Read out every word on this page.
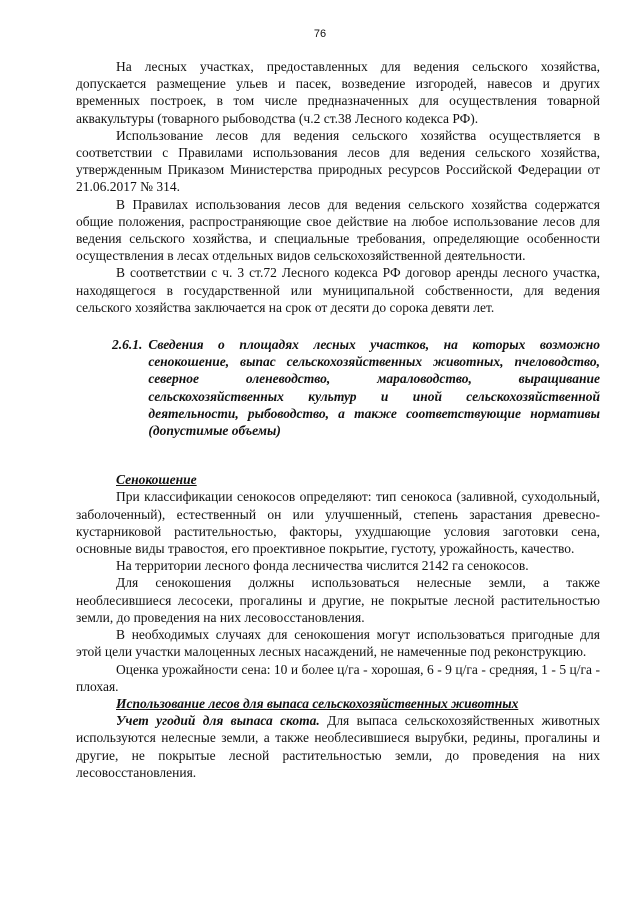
76

На лесных участках, предоставленных для ведения сельского хозяйства, допускается размещение ульев и пасек, возведение изгородей, навесов и других временных построек, в том числе предназначенных для осуществления товарной аквакультуры (товарного рыбоводства (ч.2 ст.38 Лесного кодекса РФ).

Использование лесов для ведения сельского хозяйства осуществляется в соответствии с Правилами использования лесов для ведения сельского хозяйства, утвержденным Приказом Министерства природных ресурсов Российской Федерации от 21.06.2017 № 314.

В Правилах использования лесов для ведения сельского хозяйства содержатся общие положения, распространяющие свое действие на любое использование лесов для ведения сельского хозяйства, и специальные требования, определяющие особенности осуществления в лесах отдельных видов сельскохозяйственной деятельности.

В соответствии с ч. 3 ст.72 Лесного кодекса РФ договор аренды лесного участка, находящегося в государственной или муниципальной собственности, для ведения сельского хозяйства заключается на срок от десяти до сорока девяти лет.

2.6.1. Сведения о площадях лесных участков, на которых возможно сенокошение, выпас сельскохозяйственных животных, пчеловодство, северное оленеводство, мараловодство, выращивание сельскохозяйственных культур и иной сельскохозяйственной деятельности, рыбоводство, а также соответствующие нормативы (допустимые объемы)
Сенокошение

При классификации сенокосов определяют: тип сенокоса (заливной, суходольный, заболоченный), естественный он или улучшенный, степень зарастания древесно-кустарниковой растительностью, факторы, ухудшающие условия заготовки сена, основные виды травостоя, его проективное покрытие, густоту, урожайность, качество.

На территории лесного фонда лесничества числится 2142 га сенокосов.

Для сенокошения должны использоваться нелесные земли, а также необлесившиеся лесосеки, прогалины и другие, не покрытые лесной растительностью земли, до проведения на них лесовосстановления.

В необходимых случаях для сенокошения могут использоваться пригодные для этой цели участки малоценных лесных насаждений, не намеченные под реконструкцию.

Оценка урожайности сена: 10 и более ц/га - хорошая, 6 - 9 ц/га - средняя, 1 - 5 ц/га - плохая.

Использование лесов для выпаса сельскохозяйственных животных

Учет угодий для выпаса скота. Для выпаса сельскохозяйственных животных используются нелесные земли, а также необлесившиеся вырубки, редины, прогалины и другие, не покрытые лесной растительностью земли, до проведения на них лесовосстановления.
